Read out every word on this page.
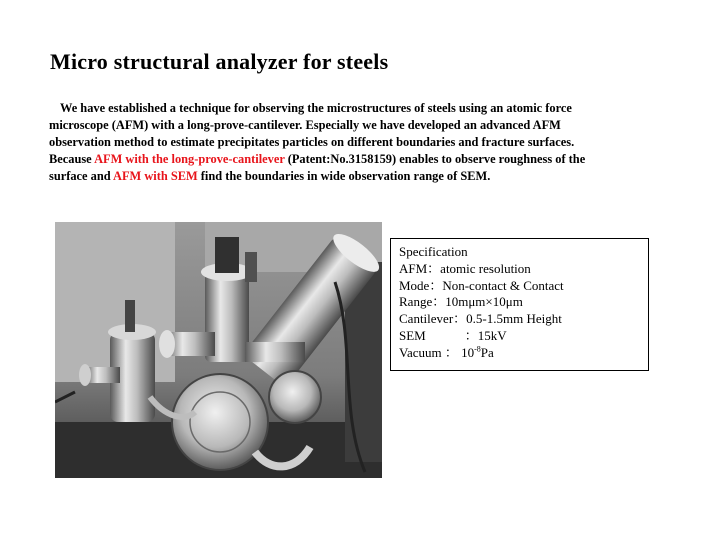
Micro structural analyzer for steels
We have established a technique for observing the microstructures of steels using an atomic force
microscope (AFM) with a long-prove-cantilever. Especially we have developed an advanced AFM
observation method to estimate precipitates particles on different boundaries and fracture surfaces.
Because AFM with the long-prove-cantilever (Patent:No.3158159) enables to observe roughness of the
surface and AFM with SEM find the boundaries in wide observation range of SEM.
Specification
AFM：atomic resolution
Mode：Non-contact & Contact
Range：10mμm×10μm
Cantilever：0.5-1.5mm Height
SEM　　　：15kV
Vacuum ： $10^{-8}Pa$
